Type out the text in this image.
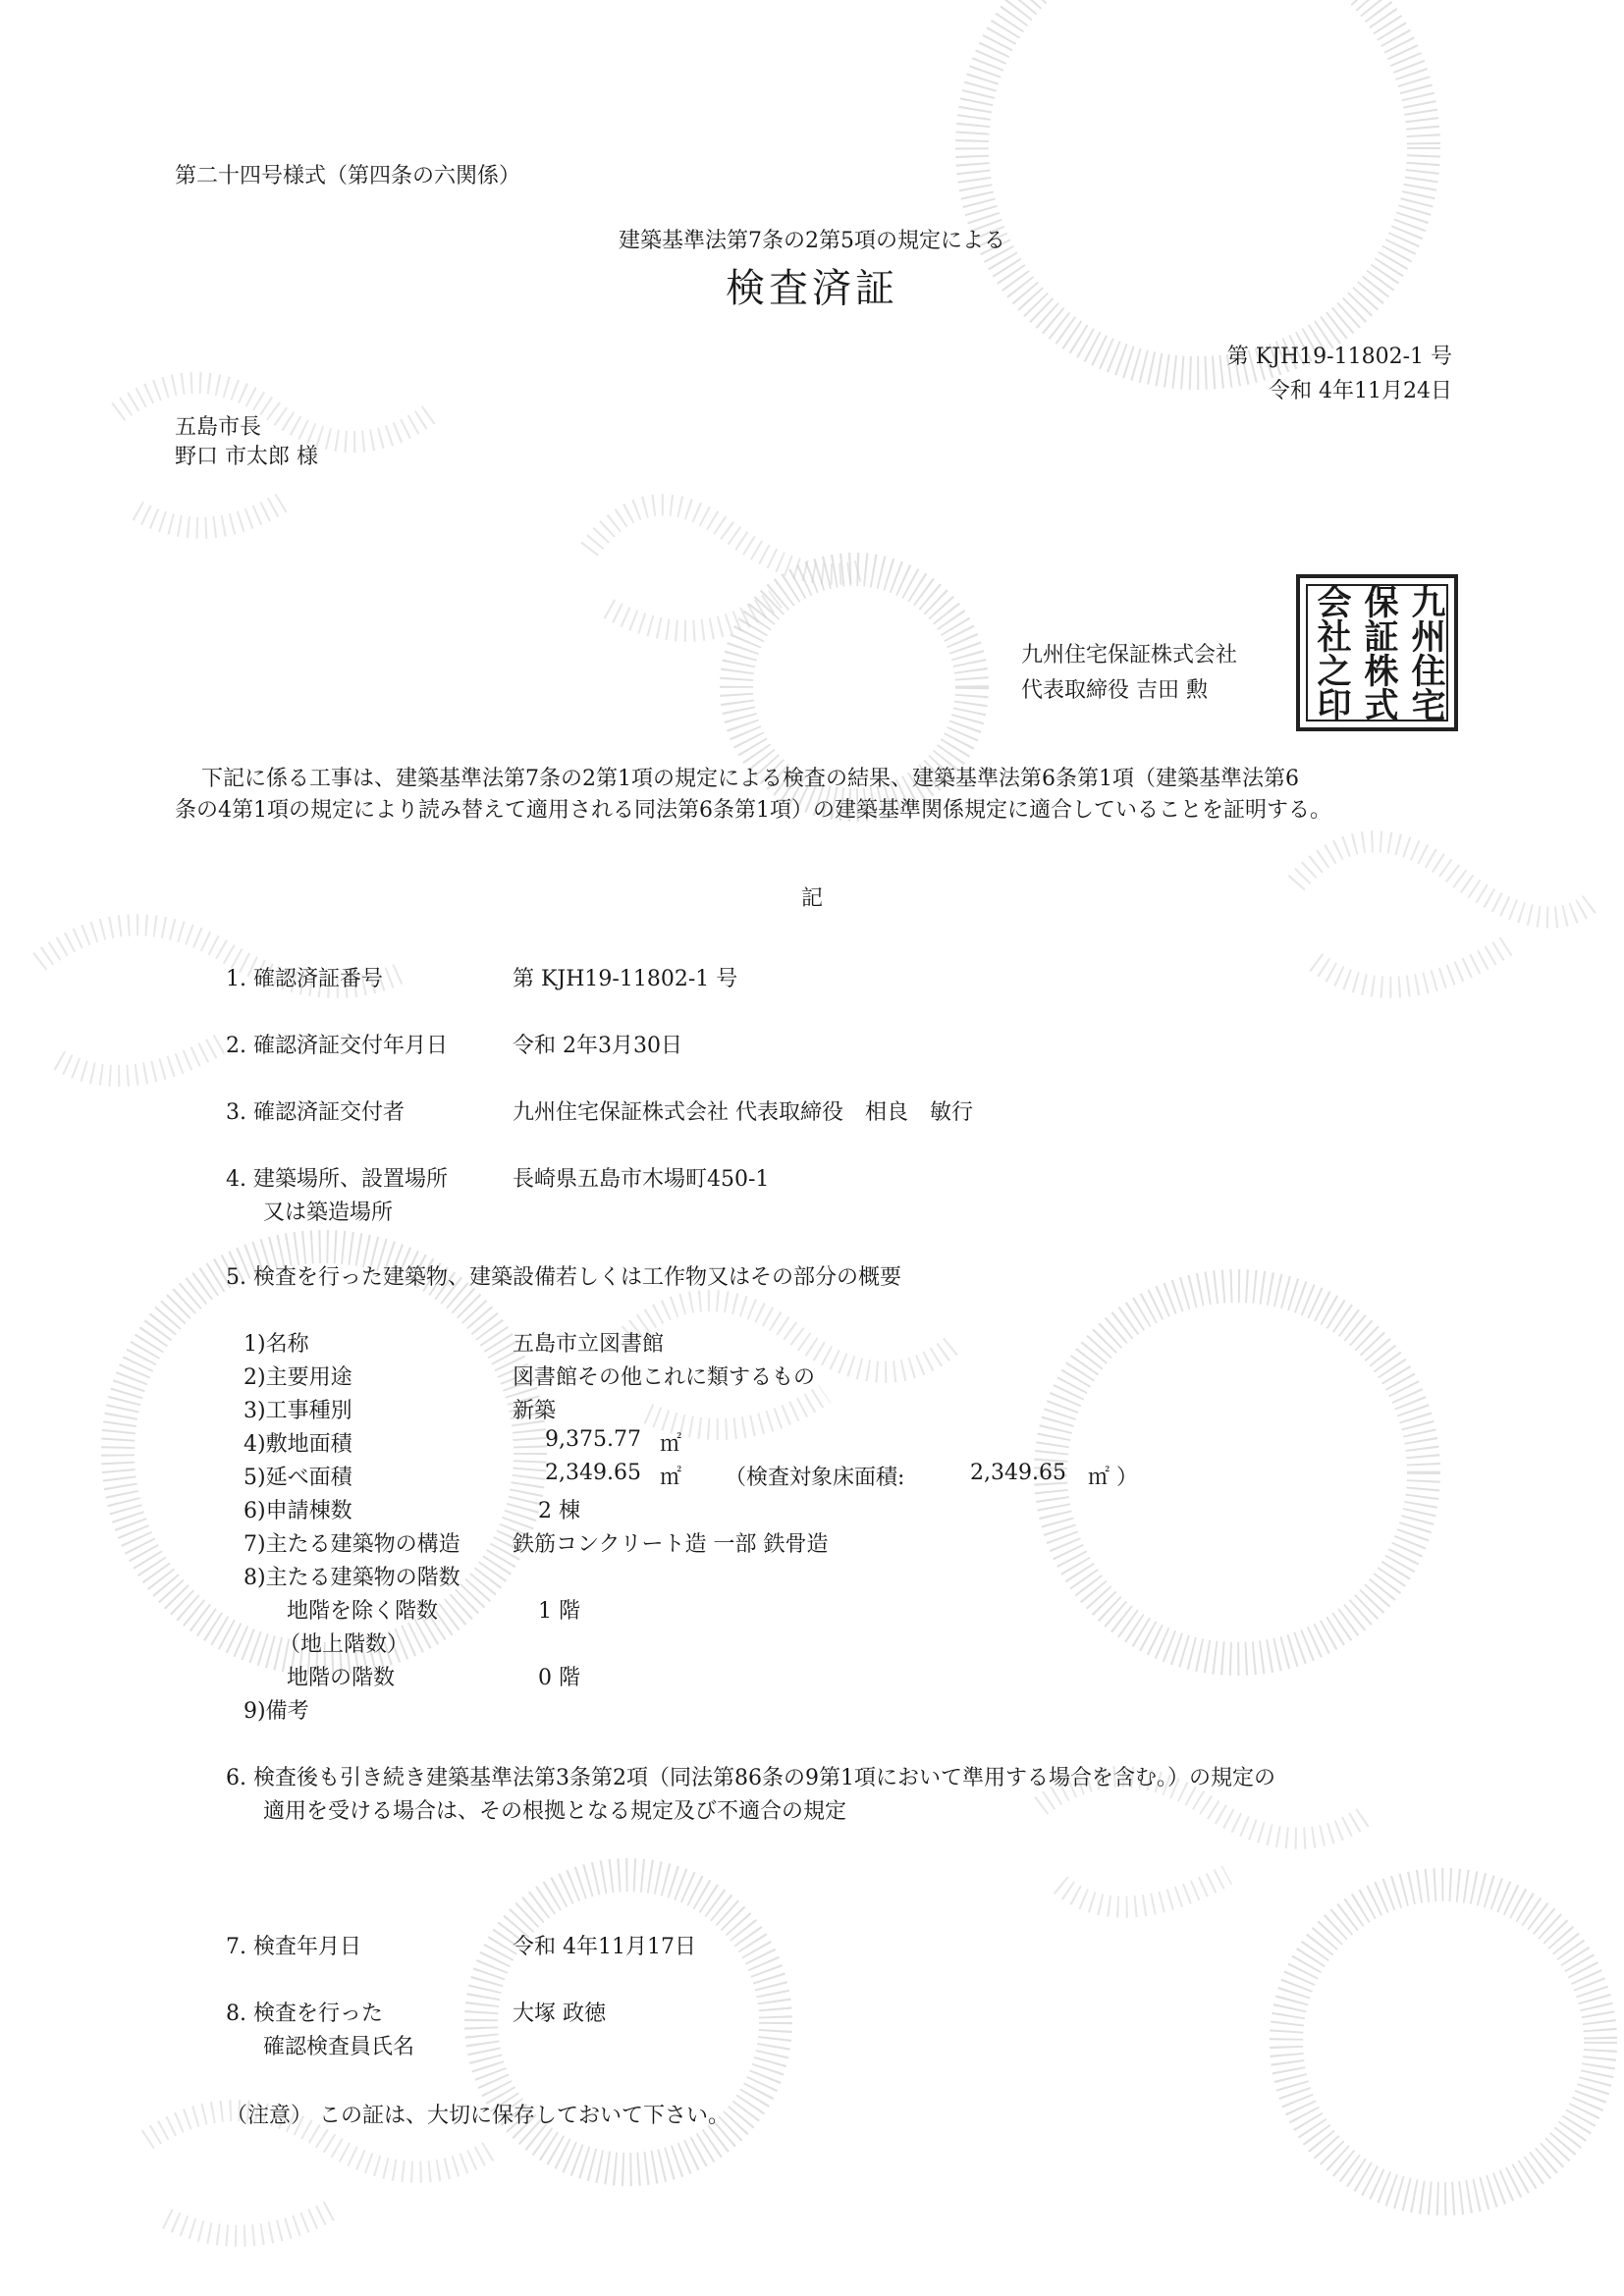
第二十四号様式（第四条の六関係）
建築基準法第7条の2第5項の規定による
検査済証
第 KJH19-11802-1 号
令和 4年11月24日
五島市長
野口 市太郎 様
九州住宅保証株式会社
代表取締役 吉田 勲	九州住宅
保証株式
会社之印
下記に係る工事は、建築基準法第7条の2第1項の規定による検査の結果、建築基準法第6条第1項（建築基準法第6
条の4第1項の規定により読み替えて適用される同法第6条第1項）の建築基準関係規定に適合していることを証明する。
記
1. 確認済証番号	第 KJH19-11802-1 号
2. 確認済証交付年月日	令和 2年3月30日
3. 確認済証交付者	九州住宅保証株式会社 代表取締役　相良　敏行
4. 建築場所、設置場所
又は築造場所
長崎県五島市木場町450-1
5. 検査を行った建築物、建築設備若しくは工作物又はその部分の概要
1)名称	五島市立図書館
2)主要用途	図書館その他これに類するもの
3)工事種別	新築
4)敷地面積	9,375.77 ㎡
5)延べ面積	2,349.65 ㎡ （検査対象床面積:	2,349.65 ㎡ ）
6)申請棟数	2 棟
7)主たる建築物の構造 鉄筋コンクリート造 一部 鉄骨造
8)主たる建築物の階数
地階を除く階数	1 階
（地上階数）
地階の階数	0 階
9)備考
6. 検査後も引き続き建築基準法第3条第2項（同法第86条の9第1項において準用する場合を含む。）の規定の
適用を受ける場合は、その根拠となる規定及び不適合の規定
7. 検査年月日	令和 4年11月17日
8. 検査を行った
確認検査員氏名
大塚 政徳
（注意） この証は、大切に保存しておいて下さい。
